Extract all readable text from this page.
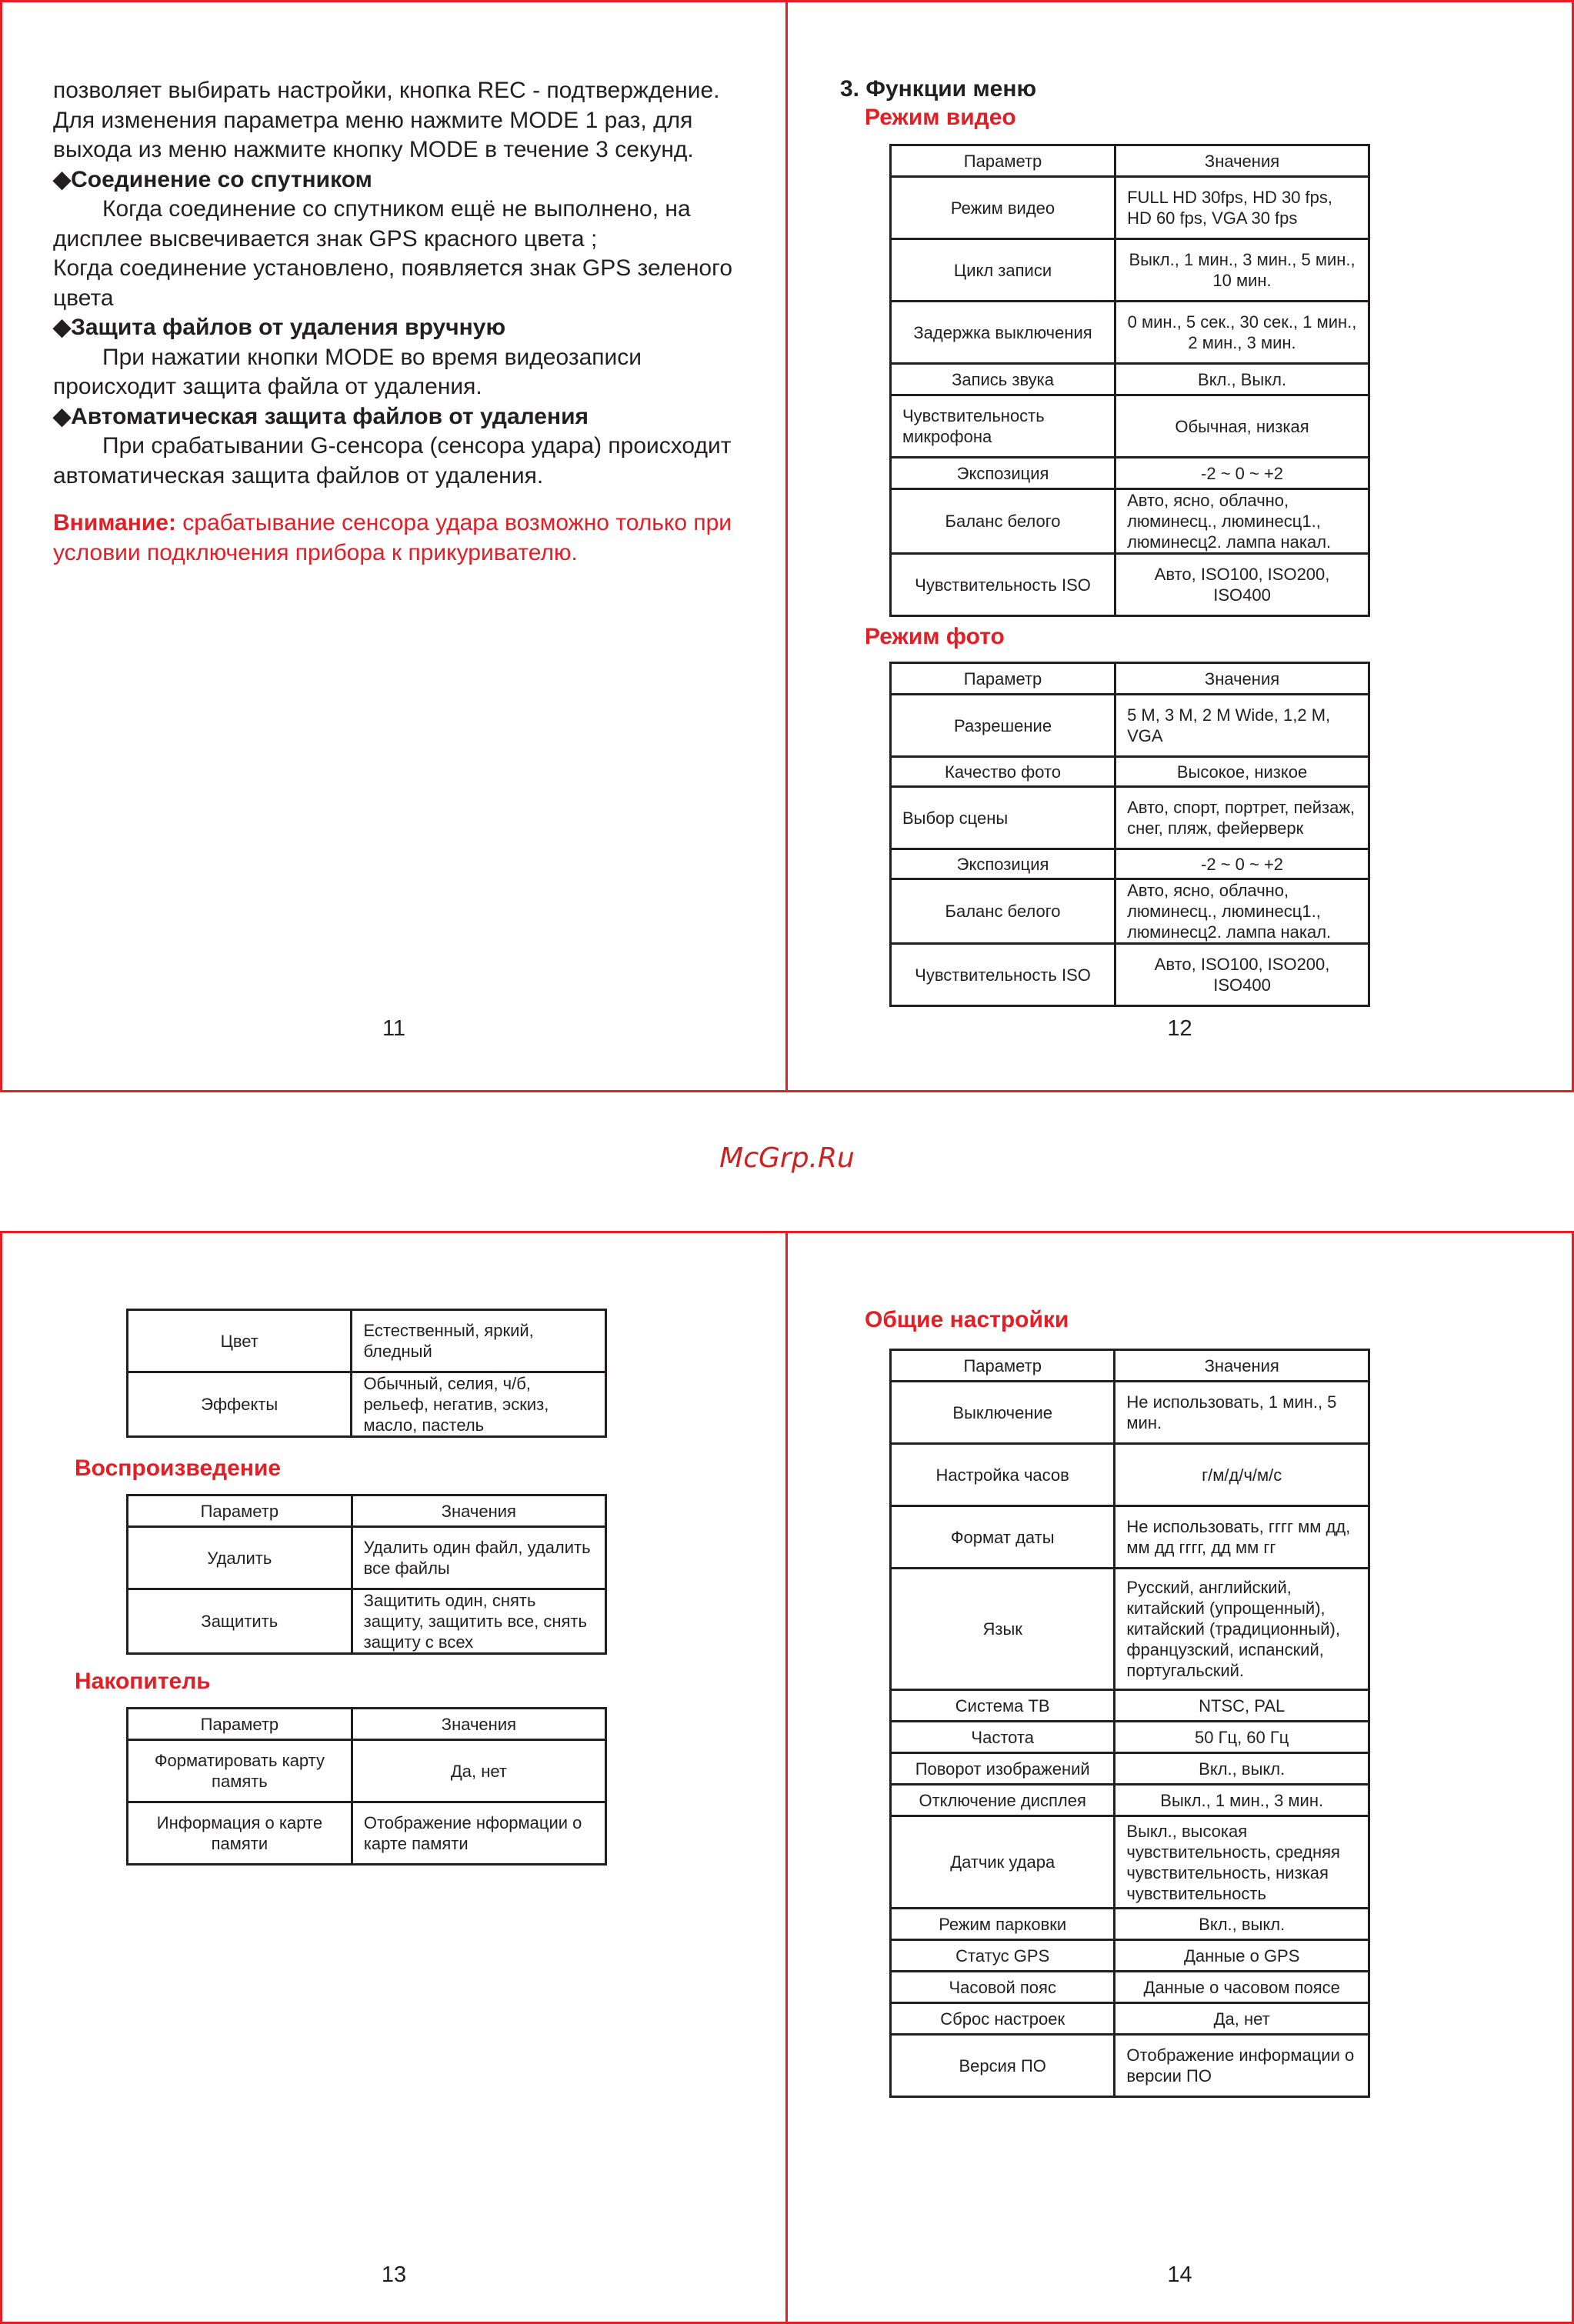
позволяет выбирать настройки, кнопка REC - подтверждение. Для изменения параметра меню нажмите MODE 1 раз, для выхода из меню нажмите кнопку MODE в течение 3 секунд.

◆Соединение со спутником

Когда соединение со спутником ещё не выполнено, на дисплее высвечивается знак GPS красного цвета ;

Когда соединение установлено, появляется знак GPS зеленого цвета

◆Защита файлов от удаления вручную

При нажатии кнопки MODE во время видеозаписи происходит защита файла от удаления.

◆Автоматическая защита файлов от удаления

При срабатывании G-сенсора (сенсора удара) происходит автоматическая защита файлов от удаления.

Внимание: срабатывание сенсора удара возможно только при условии подключения прибора к прикуривателю.

11
3. Функции меню
Режим видео
Параметр	Значения
Режим видео	FULL HD 30fps, HD 30 fps, HD 60 fps, VGA 30 fps
Цикл записи	Выкл., 1 мин., 3 мин., 5 мин., 10 мин.
Задержка выключения	0 мин., 5 сек., 30 сек., 1 мин., 2 мин., 3 мин.
Запись звука	Вкл., Выкл.
Чувствительность микрофона	Обычная, низкая
Экспозиция	-2 ~ 0 ~ +2
Баланс белого	Авто, ясно, облачно, люминесц., люминесц1., люминесц2. лампа накал.
Чувствительность ISO	Авто, ISO100, ISO200, ISO400
Режим фото
Параметр	Значения
Разрешение	5 M, 3 M, 2 M Wide, 1,2 M, VGA
Качество фото	Высокое, низкое
Выбор сцены	Авто, спорт, портрет, пейзаж, снег, пляж, фейерверк
Экспозиция	-2 ~ 0 ~ +2
Баланс белого	Авто, ясно, облачно, люминесц., люминесц1., люминесц2. лампа накал.
Чувствительность ISO	Авто, ISO100, ISO200, ISO400
12
McGrp.Ru
Цвет	Естественный, яркий, бледный
Эффекты	Обычный, селия, ч/б, рельеф, негатив, эскиз, масло, пастель
Воспроизведение
Параметр	Значения
Удалить	Удалить один файл, удалить все файлы
Защитить	Защитить один, снять защиту, защитить все, снять защиту с всех
Накопитель
Параметр	Значения
Форматировать карту память	Да, нет
Информация о карте памяти	Отображение нформации о карте памяти
13
Общие настройки
Параметр	Значения
Выключение	Не использовать, 1 мин., 5 мин.
Настройка часов	г/м/д/ч/м/с
Формат даты	Не использовать, гггг мм дд, мм дд гггг, дд мм гг
Язык	Русский, английский, китайский (упрощенный), китайский (традиционный), французский, испанский, португальский.
Система ТВ	NTSC, PAL
Частота	50 Гц, 60 Гц
Поворот изображений	Вкл., выкл.
Отключение дисплея	Выкл., 1 мин., 3 мин.
Датчик удара	Выкл., высокая чувствительность, средняя чувствительность, низкая чувствительность
Режим парковки	Вкл., выкл.
Статус GPS	Данные о GPS
Часовой пояс	Данные о часовом поясе
Сброс настроек	Да, нет
Версия ПО	Отображение информации о версии ПО
14
